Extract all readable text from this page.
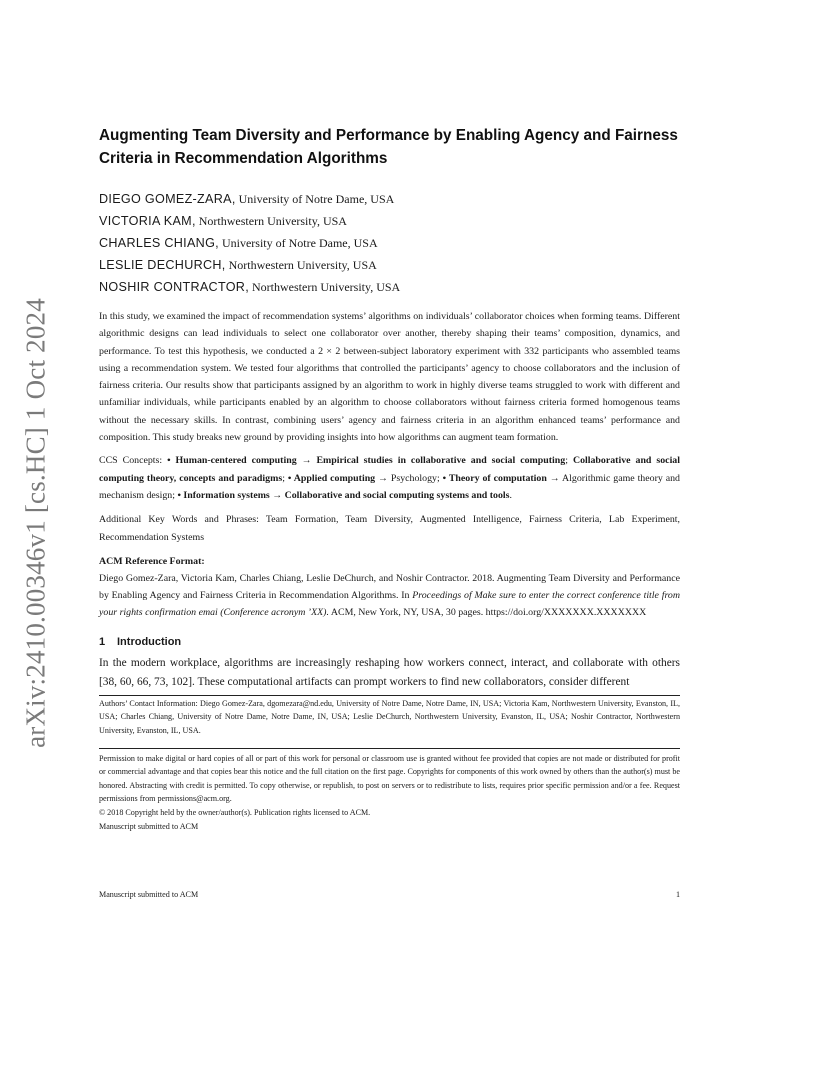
arXiv:2410.00346v1 [cs.HC] 1 Oct 2024
Augmenting Team Diversity and Performance by Enabling Agency and Fairness Criteria in Recommendation Algorithms
DIEGO GOMEZ-ZARA, University of Notre Dame, USA
VICTORIA KAM, Northwestern University, USA
CHARLES CHIANG, University of Notre Dame, USA
LESLIE DECHURCH, Northwestern University, USA
NOSHIR CONTRACTOR, Northwestern University, USA

In this study, we examined the impact of recommendation systems’ algorithms on individuals’ collaborator choices when forming teams. Different algorithmic designs can lead individuals to select one collaborator over another, thereby shaping their teams’ composition, dynamics, and performance. To test this hypothesis, we conducted a 2 × 2 between-subject laboratory experiment with 332 participants who assembled teams using a recommendation system. We tested four algorithms that controlled the participants’ agency to choose collaborators and the inclusion of fairness criteria. Our results show that participants assigned by an algorithm to work in highly diverse teams struggled to work with different and unfamiliar individuals, while participants enabled by an algorithm to choose collaborators without fairness criteria formed homogenous teams without the necessary skills. In contrast, combining users’ agency and fairness criteria in an algorithm enhanced teams’ performance and composition. This study breaks new ground by providing insights into how algorithms can augment team formation.

CCS Concepts: • Human-centered computing → Empirical studies in collaborative and social computing; Collaborative and social computing theory, concepts and paradigms; • Applied computing → Psychology; • Theory of computation → Algorithmic game theory and mechanism design; • Information systems → Collaborative and social computing systems and tools.

Additional Key Words and Phrases: Team Formation, Team Diversity, Augmented Intelligence, Fairness Criteria, Lab Experiment, Recommendation Systems

ACM Reference Format:

Diego Gomez-Zara, Victoria Kam, Charles Chiang, Leslie DeChurch, and Noshir Contractor. 2018. Augmenting Team Diversity and Performance by Enabling Agency and Fairness Criteria in Recommendation Algorithms. In Proceedings of Make sure to enter the correct conference title from your rights confirmation emai (Conference acronym ’XX). ACM, New York, NY, USA, 30 pages. https://doi.org/XXXXXXX.XXXXXXX

1 Introduction

In the modern workplace, algorithms are increasingly reshaping how workers connect, interact, and collaborate with others [38, 60, 66, 73, 102]. These computational artifacts can prompt workers to find new collaborators, consider different

Authors’ Contact Information: Diego Gomez-Zara, dgomezara@nd.edu, University of Notre Dame, Notre Dame, IN, USA; Victoria Kam, Northwestern University, Evanston, IL, USA; Charles Chiang, University of Notre Dame, Notre Dame, IN, USA; Leslie DeChurch, Northwestern University, Evanston, IL, USA; Noshir Contractor, Northwestern University, Evanston, IL, USA.

Permission to make digital or hard copies of all or part of this work for personal or classroom use is granted without fee provided that copies are not made or distributed for profit or commercial advantage and that copies bear this notice and the full citation on the first page. Copyrights for components of this work owned by others than the author(s) must be honored. Abstracting with credit is permitted. To copy otherwise, or republish, to post on servers or to redistribute to lists, requires prior specific permission and/or a fee. Request permissions from permissions@acm.org.

© 2018 Copyright held by the owner/author(s). Publication rights licensed to ACM.

Manuscript submitted to ACM

Manuscript submitted to ACM	1
